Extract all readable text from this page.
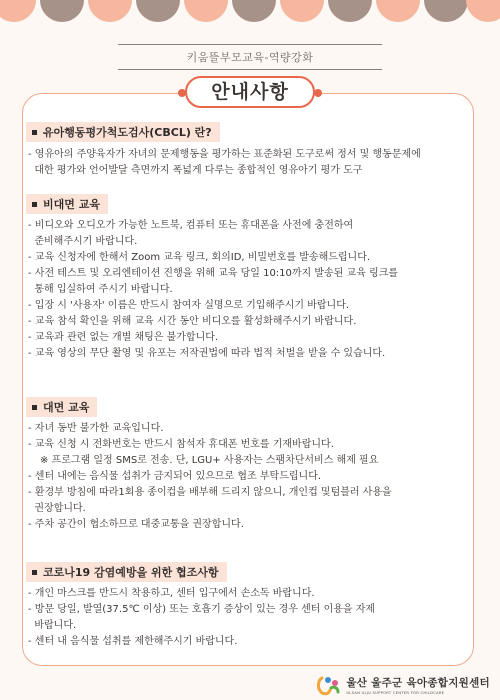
키움뜰부모교육-역량강화
안내사항
유아행동평가척도검사(CBCL) 란?
- 영유아의 주양육자가 자녀의 문제행동을 평가하는 표준화된 도구로써 정서 및 행동문제에
대한 평가와 언어발달 측면까지 폭넓게 다루는 종합적인 영유아기 평가 도구
비대면 교육
- 비디오와 오디오가 가능한 노트북, 컴퓨터 또는 휴대폰을 사전에 충전하여
준비해주시기 바랍니다.
- 교육 신청자에 한해서 Zoom 교육 링크, 회의ID, 비밀번호를 발송해드립니다.
- 사전 테스트 및 오리엔테이션 진행을 위해 교육 당일 10:10까지 발송된 교육 링크를
통해 입실하여 주시기 바랍니다.
- 입장 시 '사용자' 이름은 반드시 참여자 실명으로 기입해주시기 바랍니다.
- 교육 참석 확인을 위해 교육 시간 동안 비디오를 활성화해주시기 바랍니다.
- 교육과 관련 없는 개별 채팅은 불가합니다.
- 교육 영상의 무단 촬영 및 유포는 저작권법에 따라 법적 처벌을 받을 수 있습니다.
대면 교육
- 자녀 동반 불가한 교육입니다.
- 교육 신청 시 전화번호는 반드시 참석자 휴대폰 번호를 기재바랍니다.
※ 프로그램 일정 SMS로 전송. 단, LGU+ 사용자는 스팸차단서비스 해제 필요
- 센터 내에는 음식물 섭취가 금지되어 있으므로 협조 부탁드립니다.
- 환경부 방침에 따라1회용 종이컵을 배부해 드리지 않으니, 개인컵 및텀블러 사용을
권장합니다.
- 주차 공간이 협소하므로 대중교통을 권장합니다.
코로나19 감염예방을 위한 협조사항
- 개인 마스크를 반드시 착용하고, 센터 입구에서 손소독 바랍니다.
- 방문 당일, 발열(37.5℃ 이상) 또는 호흡기 증상이 있는 경우 센터 이용을 자제
바랍니다.
- 센터 내 음식물 섭취를 제한해주시기 바랍니다.
울산 울주군 육아종합지원센터
ULSAN ULJU SUPPORT CENTER FOR CHILDCARE
